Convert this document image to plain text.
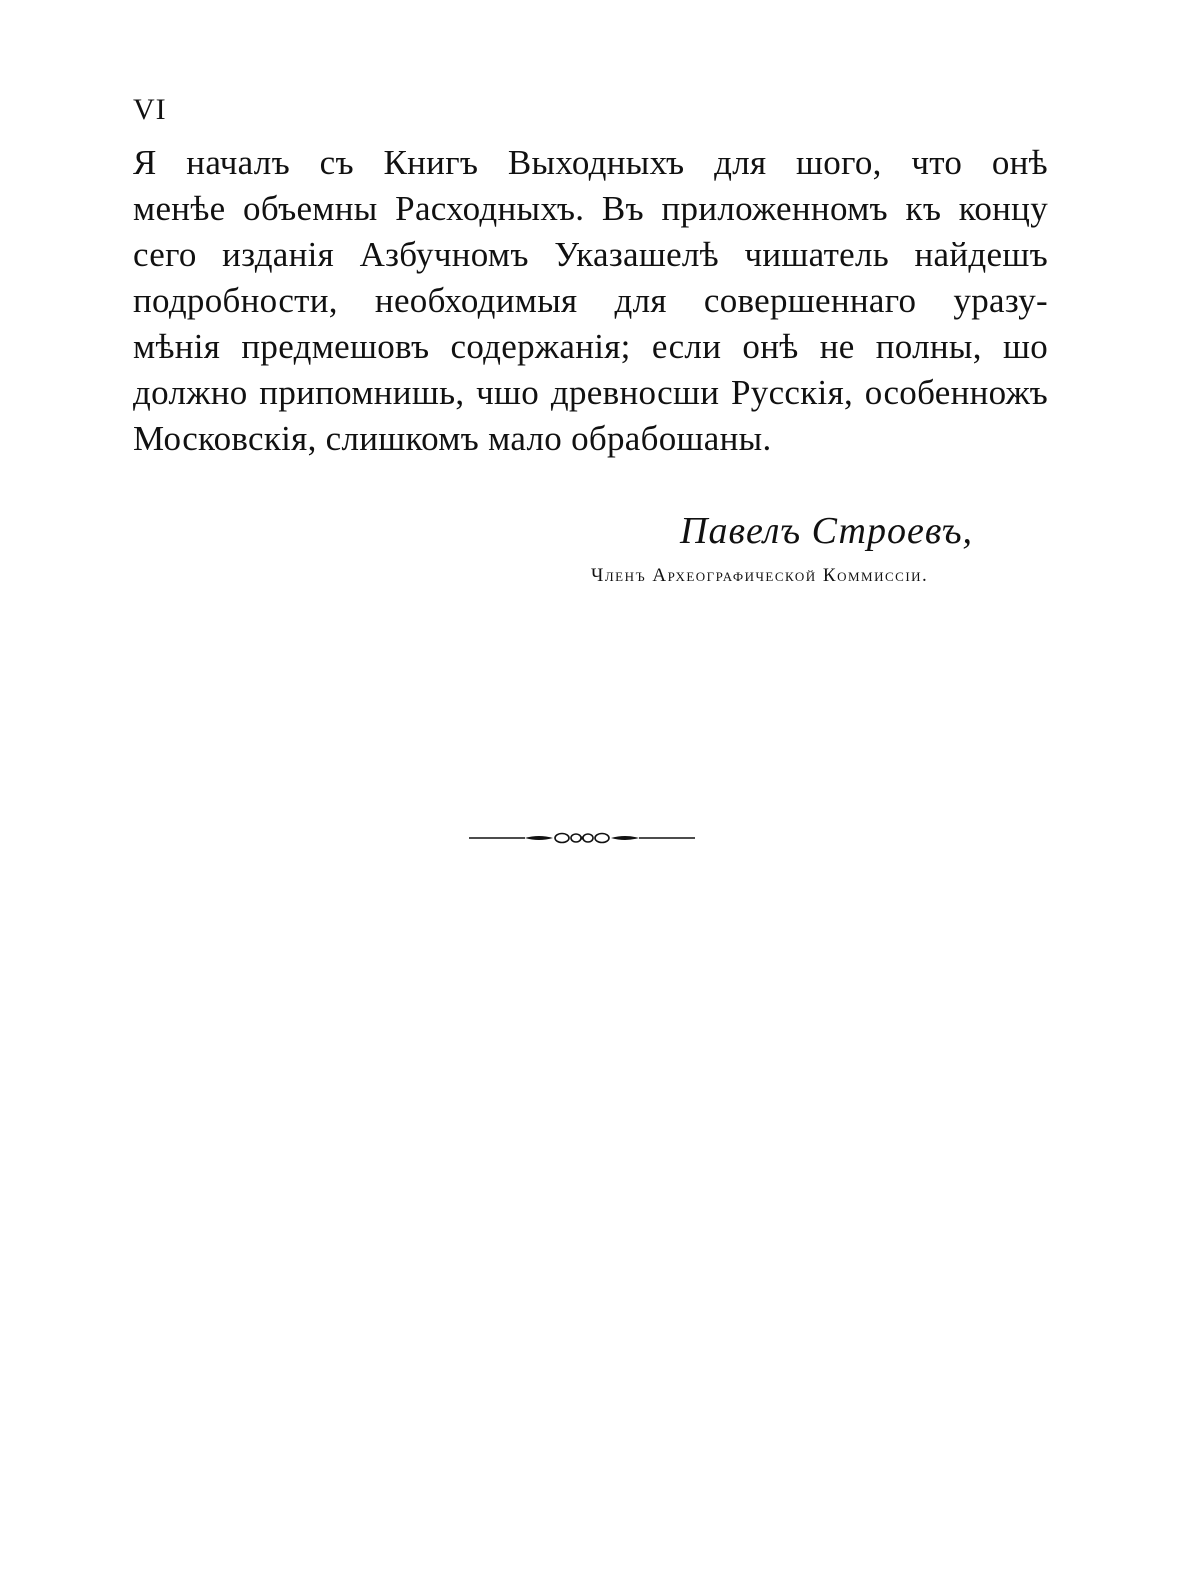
VI
Я началъ съ Книгъ Выходныхъ для шого, что онѣ
менѣе объемны Расходныхъ. Въ приложенномъ къ концу
сего изданія Азбучномъ Указашелѣ чишатель найдешъ
подробности, необходимыя для совершеннаго уразу-
мѣнія предмешовъ содержанія; если онѣ не полны, шо
должно припомнишь, чшо древносши Русскія, особенножъ
Московскія, слишкомъ мало обрабошаны.
Павелъ Строевъ,
Членъ Археографической Коммиссіи.
